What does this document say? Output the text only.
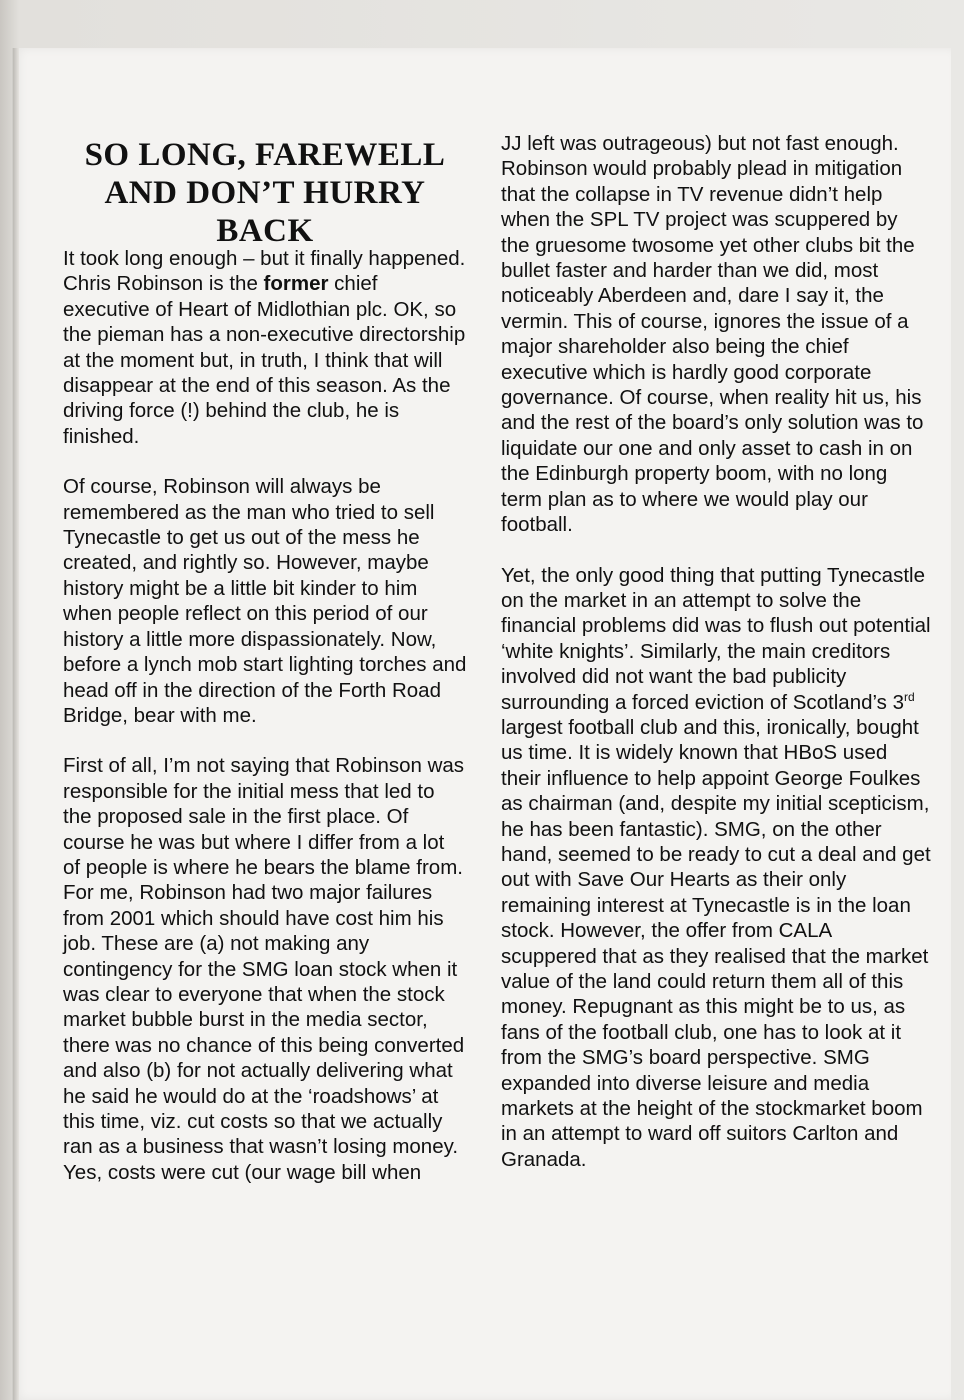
SO LONG, FAREWELL AND DON’T HURRY BACK

It took long enough – but it finally happened. Chris Robinson is the former chief executive of Heart of Midlothian plc. OK, so the pieman has a non-executive directorship at the moment but, in truth, I think that will disappear at the end of this season. As the driving force (!) behind the club, he is finished.

Of course, Robinson will always be remembered as the man who tried to sell Tynecastle to get us out of the mess he created, and rightly so. However, maybe history might be a little bit kinder to him when people reflect on this period of our history a little more dispassionately. Now, before a lynch mob start lighting torches and head off in the direction of the Forth Road Bridge, bear with me.

First of all, I’m not saying that Robinson was responsible for the initial mess that led to the proposed sale in the first place. Of course he was but where I differ from a lot of people is where he bears the blame from. For me, Robinson had two major failures from 2001 which should have cost him his job. These are (a) not making any contingency for the SMG loan stock when it was clear to everyone that when the stock market bubble burst in the media sector, there was no chance of this being converted and also (b) for not actually delivering what he said he would do at the ‘roadshows’ at this time, viz. cut costs so that we actually ran as a business that wasn’t losing money. Yes, costs were cut (our wage bill when

JJ left was outrageous) but not fast enough. Robinson would probably plead in mitigation that the collapse in TV revenue didn’t help when the SPL TV project was scuppered by the gruesome twosome yet other clubs bit the bullet faster and harder than we did, most noticeably Aberdeen and, dare I say it, the vermin. This of course, ignores the issue of a major shareholder also being the chief executive which is hardly good corporate governance. Of course, when reality hit us, his and the rest of the board’s only solution was to liquidate our one and only asset to cash in on the Edinburgh property boom, with no long term plan as to where we would play our football.

Yet, the only good thing that putting Tynecastle on the market in an attempt to solve the financial problems did was to flush out potential ‘white knights’. Similarly, the main creditors involved did not want the bad publicity surrounding a forced eviction of Scotland’s 3rd largest football club and this, ironically, bought us time. It is widely known that HBoS used their influence to help appoint George Foulkes as chairman (and, despite my initial scepticism, he has been fantastic). SMG, on the other hand, seemed to be ready to cut a deal and get out with Save Our Hearts as their only remaining interest at Tynecastle is in the loan stock. However, the offer from CALA scuppered that as they realised that the market value of the land could return them all of this money. Repugnant as this might be to us, as fans of the football club, one has to look at it from the SMG’s board perspective. SMG expanded into diverse leisure and media markets at the height of the stockmarket boom in an attempt to ward off suitors Carlton and Granada.
